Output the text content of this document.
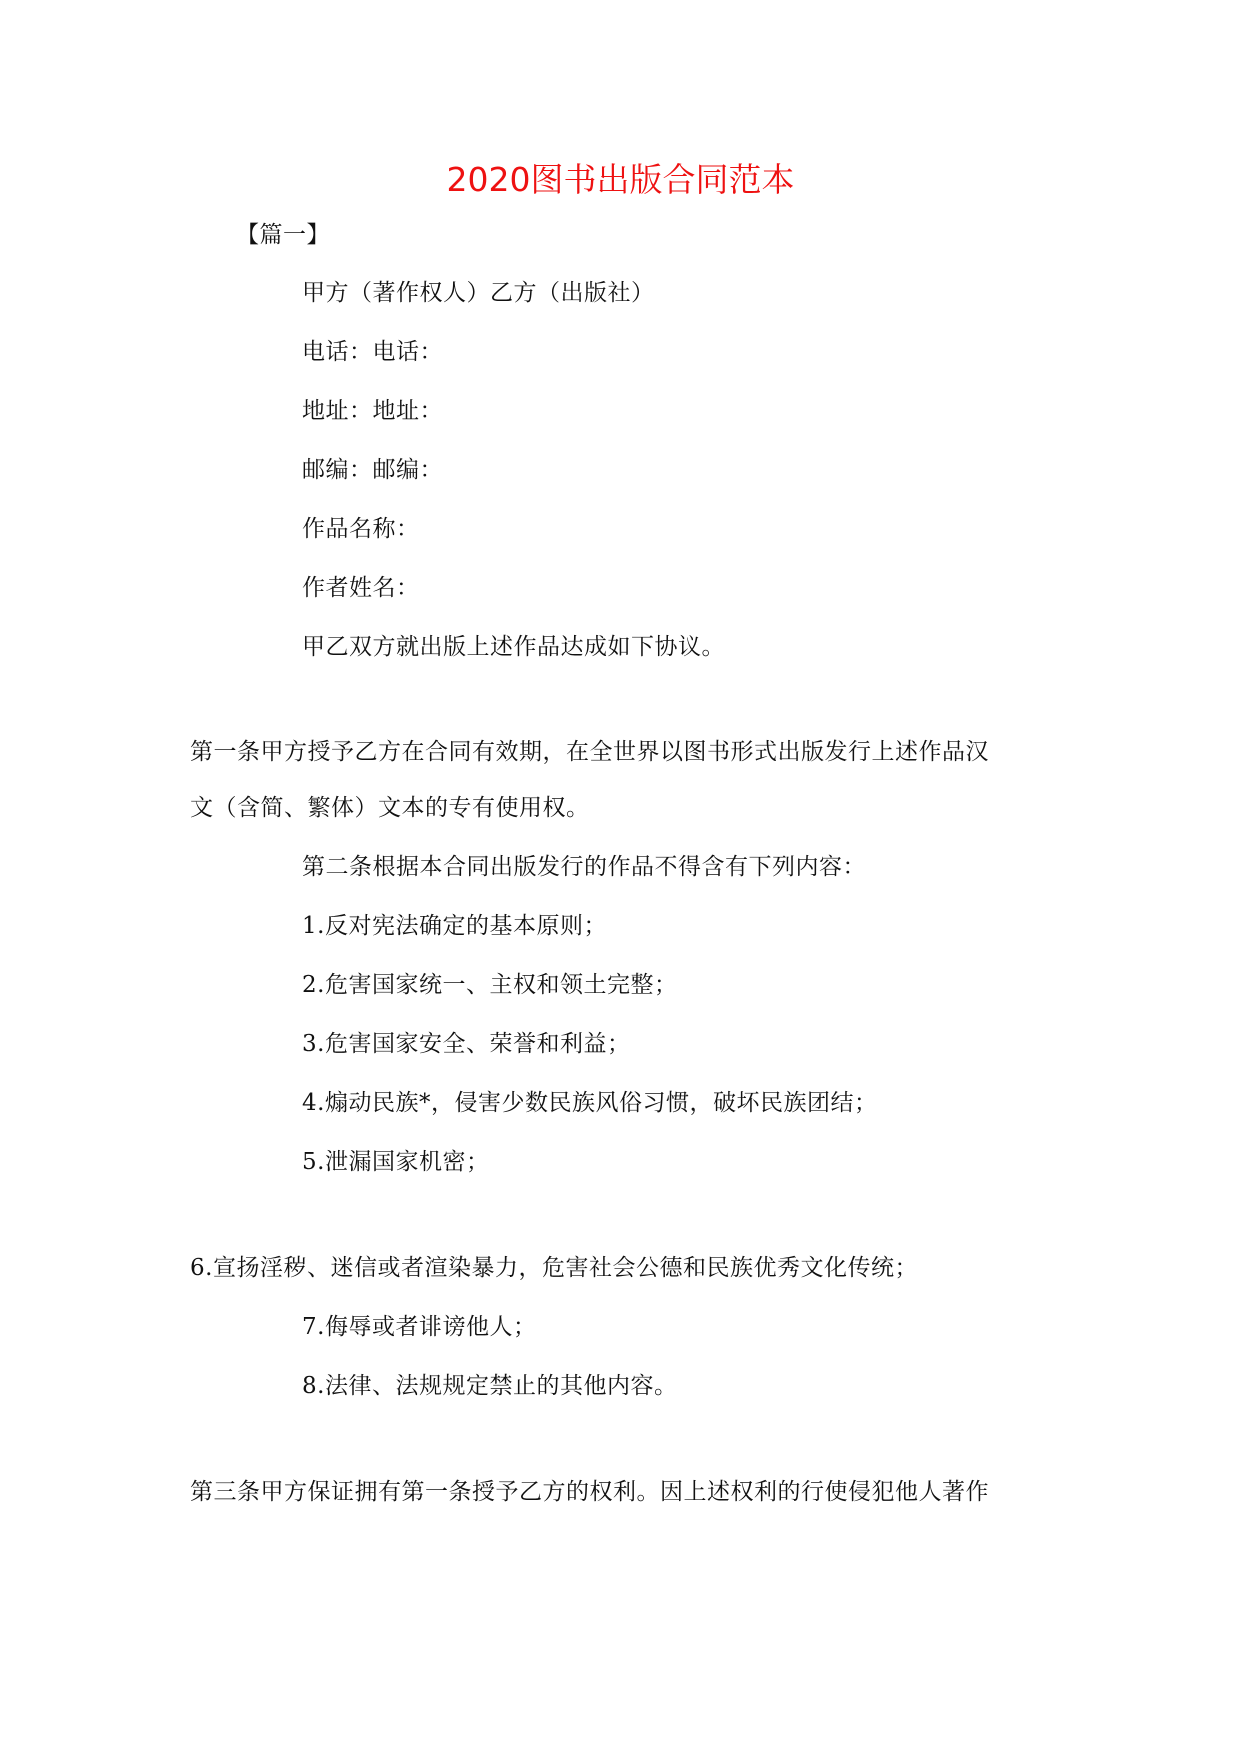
2020图书出版合同范本
【篇一】
甲方（著作权人）乙方（出版社）
电话：电话：
地址：地址：
邮编：邮编：
作品名称：
作者姓名：
甲乙双方就出版上述作品达成如下协议。
第一条甲方授予乙方在合同有效期，在全世界以图书形式出版发行上述作品汉
文（含简、繁体）文本的专有使用权。
第二条根据本合同出版发行的作品不得含有下列内容：
1.反对宪法确定的基本原则；
2.危害国家统一、主权和领土完整；
3.危害国家安全、荣誉和利益；
4.煽动民族*，侵害少数民族风俗习惯，破坏民族团结；
5.泄漏国家机密；
6.宣扬淫秽、迷信或者渲染暴力，危害社会公德和民族优秀文化传统；
7.侮辱或者诽谤他人；
8.法律、法规规定禁止的其他内容。
第三条甲方保证拥有第一条授予乙方的权利。因上述权利的行使侵犯他人著作
